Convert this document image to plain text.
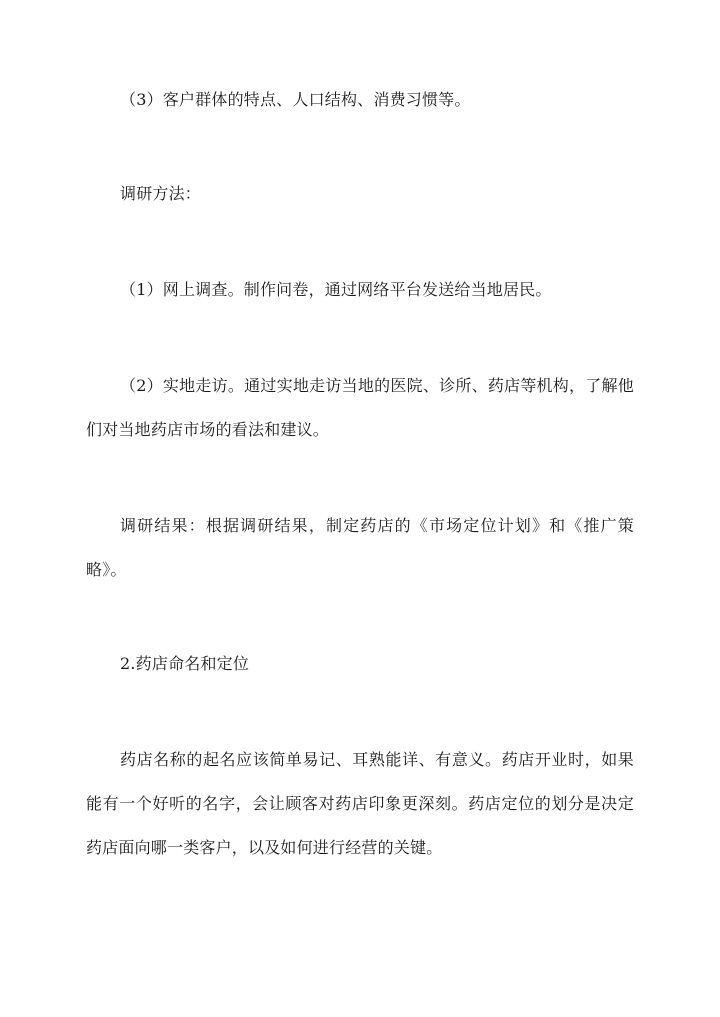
（3）客户群体的特点、人口结构、消费习惯等。

调研方法：

（1）网上调查。制作问卷，通过网络平台发送给当地居民。

（2）实地走访。通过实地走访当地的医院、诊所、药店等机构，了解他们对当地药店市场的看法和建议。

调研结果：根据调研结果，制定药店的《市场定位计划》和《推广策略》。

2.药店命名和定位

药店名称的起名应该简单易记、耳熟能详、有意义。药店开业时，如果能有一个好听的名字，会让顾客对药店印象更深刻。药店定位的划分是决定药店面向哪一类客户，以及如何进行经营的关键。
